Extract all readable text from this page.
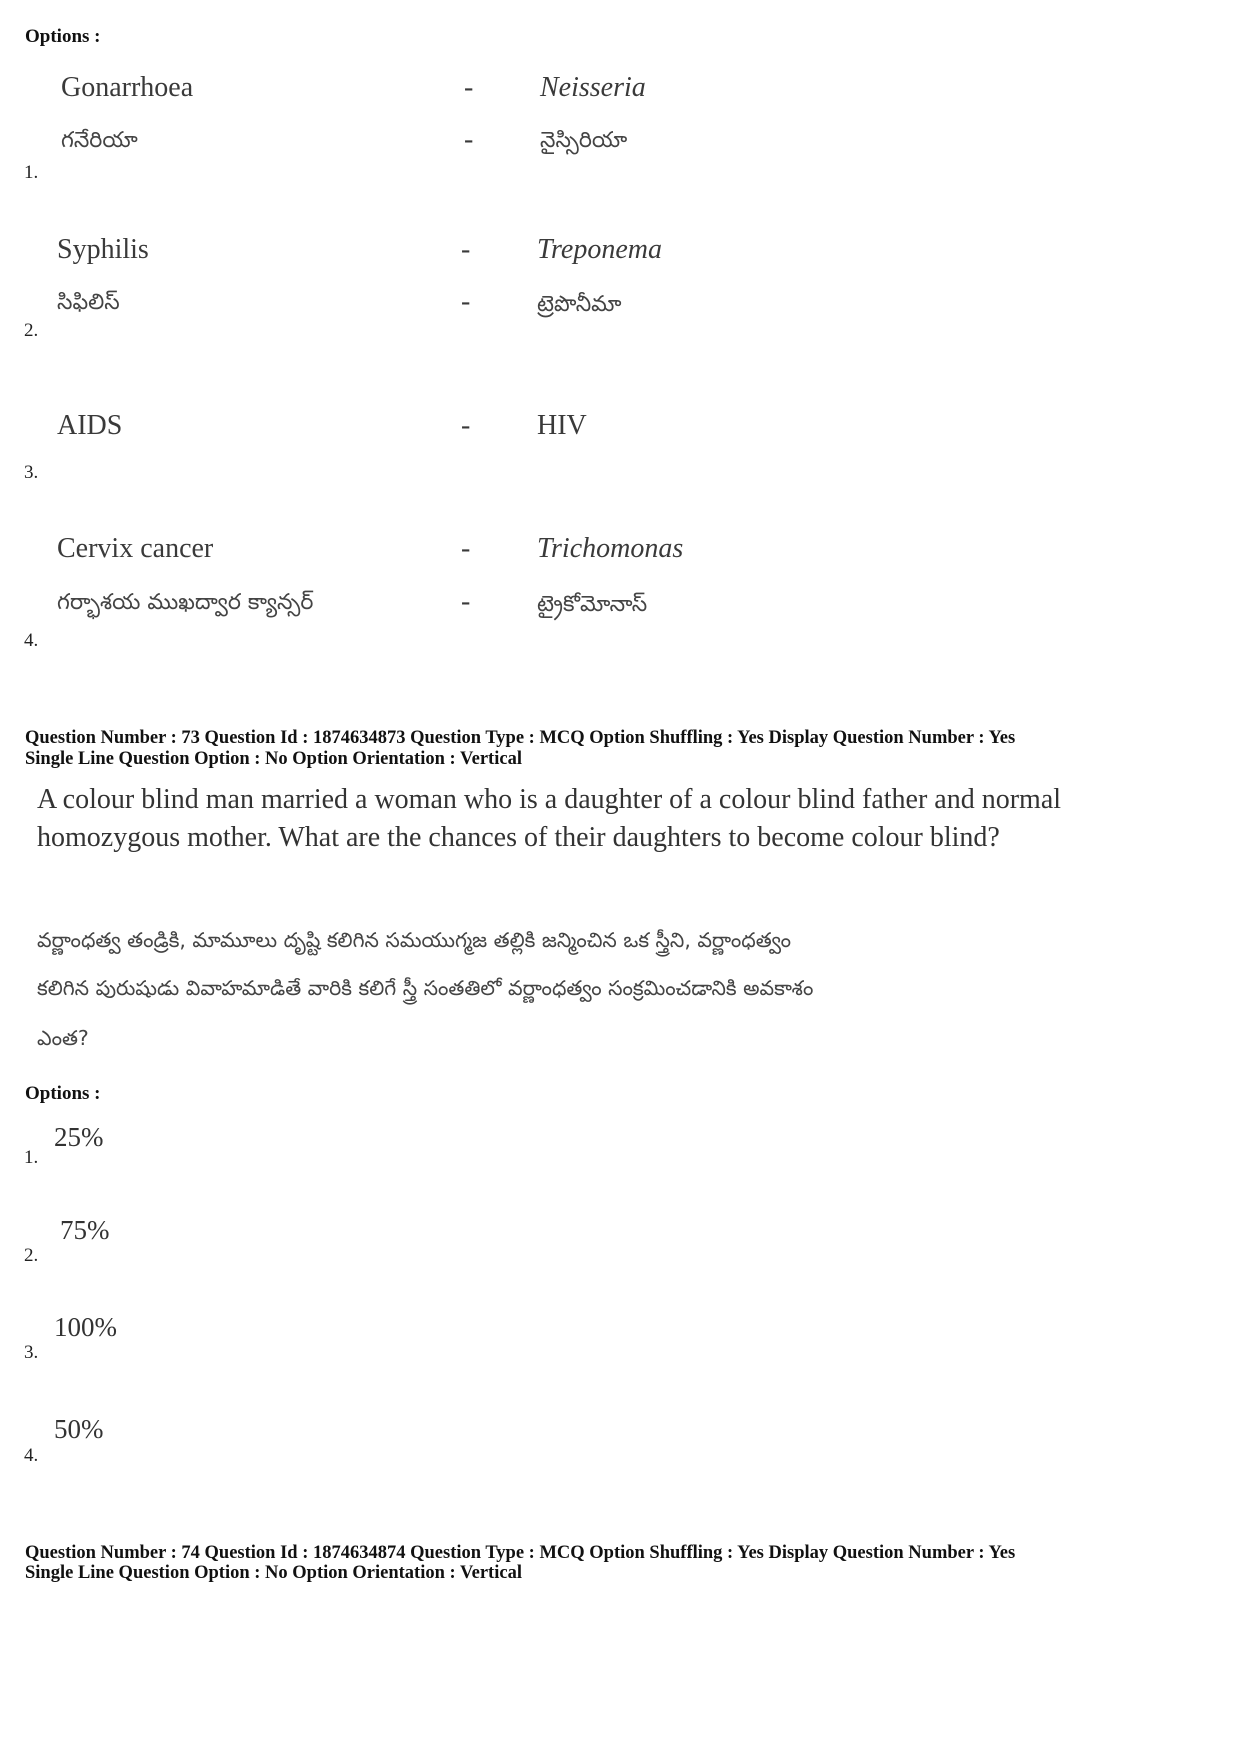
Options :
Gonarrhoea	- Neisseria
గనేరియా	-	నైస్సిరియా
1.
Syphilis	- Treponema
సిఫిలిస్	-	ట్రెపొనీమా
2.
AIDS	- HIV
3.
Cervix cancer	- Trichomonas
గర్భాశయ ముఖద్వార క్యాన్సర్	-	ట్రైకోమోనాస్
4.
Question Number : 73 Question Id : 1874634873 Question Type : MCQ Option Shuffling : Yes Display Question Number : Yes
Single Line Question Option : No Option Orientation : Vertical
A colour blind man married a woman who is a daughter of a colour blind father and normal
homozygous mother. What are the chances of their daughters to become colour blind?
వర్ణాంధత్వ తండ్రికి, మామూలు దృష్టి కలిగిన సమయుగ్మజ తల్లికి జన్మించిన ఒక స్త్రీని, వర్ణాంధత్వం
కలిగిన పురుషుడు వివాహమాడితే వారికి కలిగే స్త్రీ సంతతిలో వర్ణాంధత్వం సంక్రమించడానికి అవకాశం
ఎంత?
Options :
25%
1.
75%
2.
100%
3.
50%
4.
Question Number : 74 Question Id : 1874634874 Question Type : MCQ Option Shuffling : Yes Display Question Number : Yes
Single Line Question Option : No Option Orientation : Vertical
